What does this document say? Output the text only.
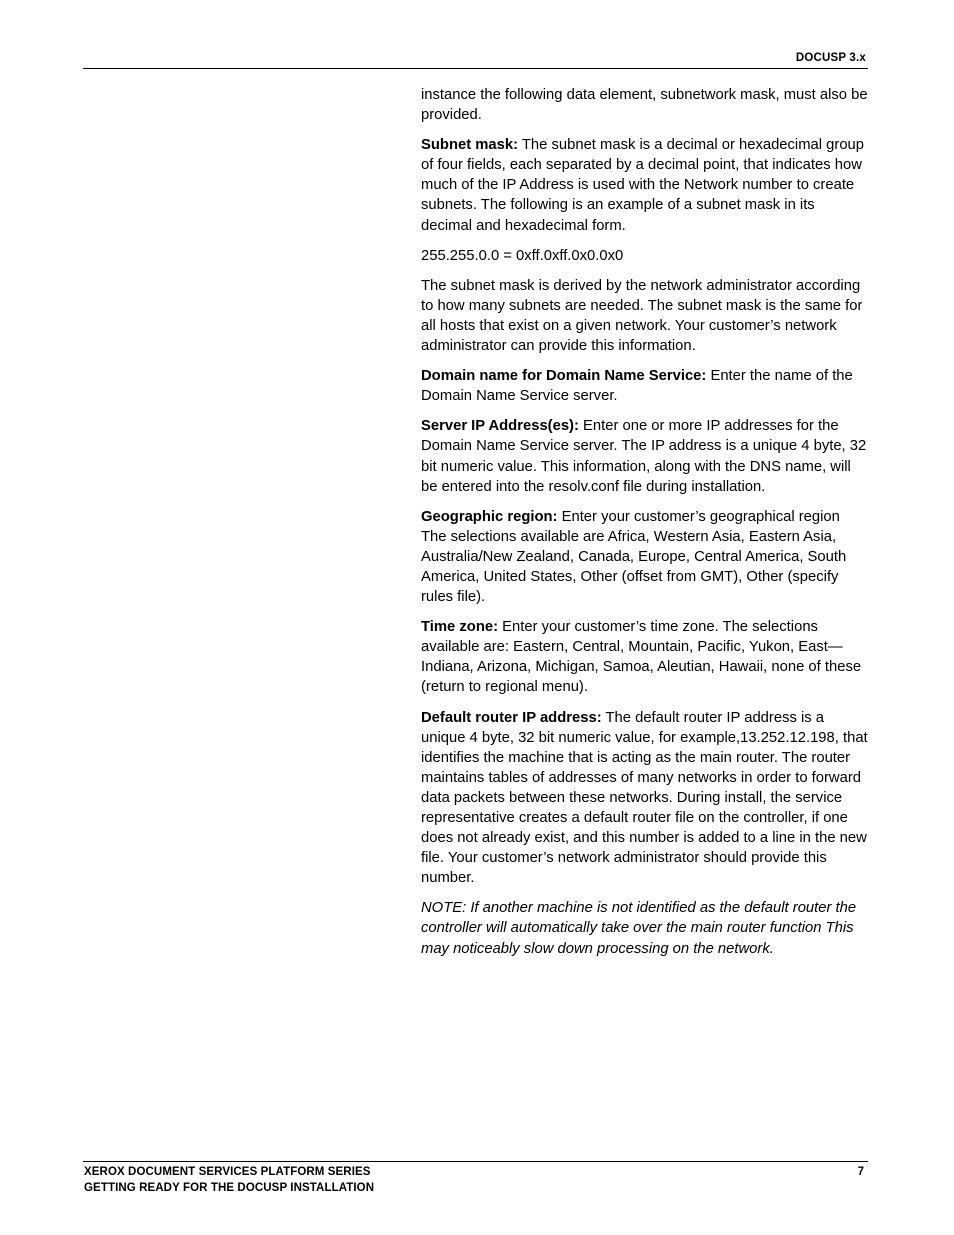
DOCUSP 3.x

instance the following data element, subnetwork mask, must also be provided.

Subnet mask: The subnet mask is a decimal or hexadecimal group of four fields, each separated by a decimal point, that indicates how much of the IP Address is used with the Network number to create subnets. The following is an example of a subnet mask in its decimal and hexadecimal form.

255.255.0.0 = 0xff.0xff.0x0.0x0

The subnet mask is derived by the network administrator according to how many subnets are needed. The subnet mask is the same for all hosts that exist on a given network. Your customer’s network administrator can provide this information.

Domain name for Domain Name Service: Enter the name of the Domain Name Service server.

Server IP Address(es): Enter one or more IP addresses for the Domain Name Service server. The IP address is a unique 4 byte, 32 bit numeric value. This information, along with the DNS name, will be entered into the resolv.conf file during installation.

Geographic region: Enter your customer’s geographical region The selections available are Africa, Western Asia, Eastern Asia, Australia/New Zealand, Canada, Europe, Central America, South America, United States, Other (offset from GMT), Other (specify rules file).

Time zone: Enter your customer’s time zone. The selections available are: Eastern, Central, Mountain, Pacific, Yukon, East—Indiana, Arizona, Michigan, Samoa, Aleutian, Hawaii, none of these (return to regional menu).

Default router IP address: The default router IP address is a unique 4 byte, 32 bit numeric value, for example,13.252.12.198, that identifies the machine that is acting as the main router. The router maintains tables of addresses of many networks in order to forward data packets between these networks. During install, the service representative creates a default router file on the controller, if one does not already exist, and this number is added to a line in the new file. Your customer’s network administrator should provide this number.

NOTE: If another machine is not identified as the default router the controller will automatically take over the main router function This may noticeably slow down processing on the network.

XEROX DOCUMENT SERVICES PLATFORM SERIES
GETTING READY FOR THE DOCUSP INSTALLATION
7
